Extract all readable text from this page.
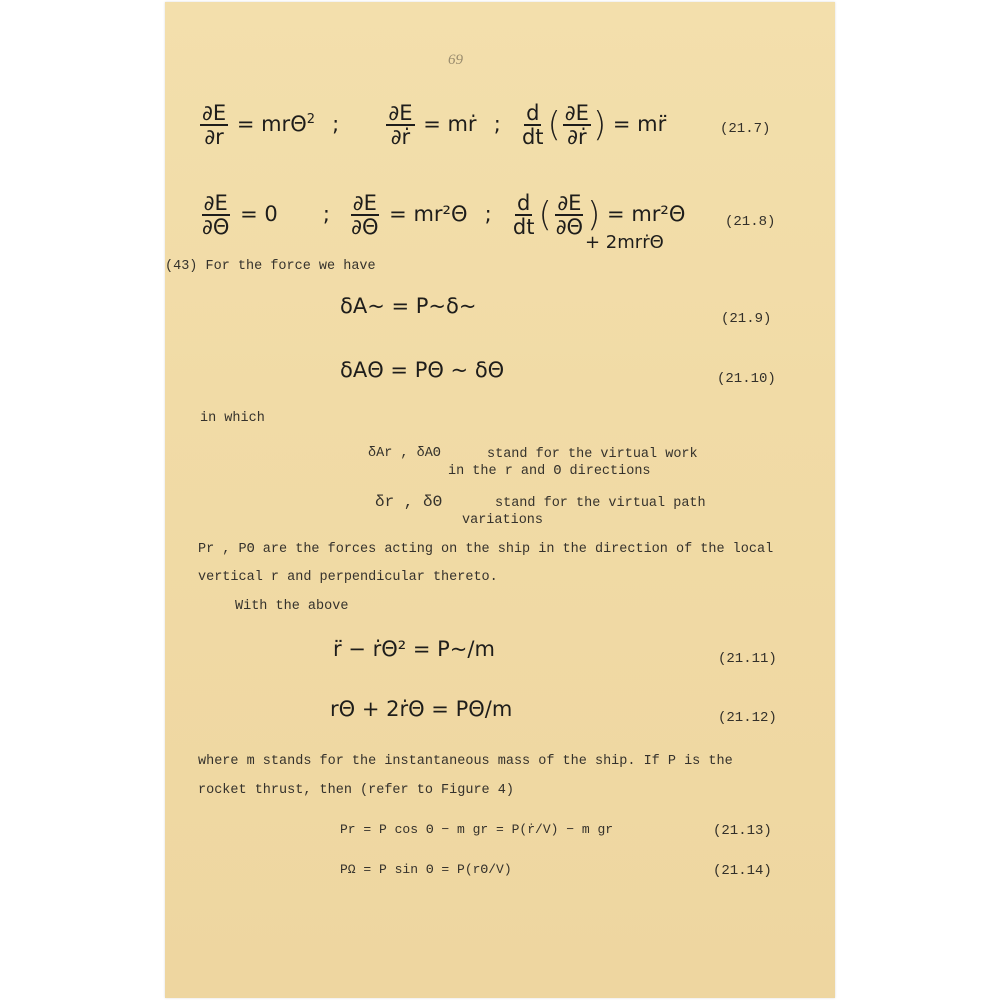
69
$\frac{\partial E}{\partial r} = mr\Theta^2$ ; $\frac{\partial E}{\text{∂ṙ}}$ = mṙ ; $\frac{d}{dt}$ ( $\frac{\partial E}{\text{∂ṙ}}$ ) = mr̈	(21.7)
$\frac{\partial E}{\partial\Theta} = 0$ ; $\frac{\partial E}{\partial\Theta} = mr^2\Theta$ ; $\frac{d}{dt}$ ( $\frac{\partial E}{\partial\Theta}$ ) = mr²Θ
+ 2mrṙΘ
(21.8)
(43) For the force we have
δA~ = P~δ~
(21.9)
δAΘ = PΘ ~ δΘ	(21.10)
in which
δAr , δAΘ	stand for the virtual work
in the r and Θ directions
δr , δΘ	stand for the virtual path
variations
Pr , PΘ are the forces acting on the ship in the direction of the local
vertical r and perpendicular thereto.
With the above
r̈ − ṙΘ² = P~/m	(21.11)
rΘ + 2ṙΘ = PΘ/m	(21.12)
where m stands for the instantaneous mass of the ship. If P is the
rocket thrust, then (refer to Figure 4)
Pr = P cos Θ − m gr = P(ṙ/V) − m gr	(21.13)
PΩ = P sin Θ = P(rΘ/V)	(21.14)
